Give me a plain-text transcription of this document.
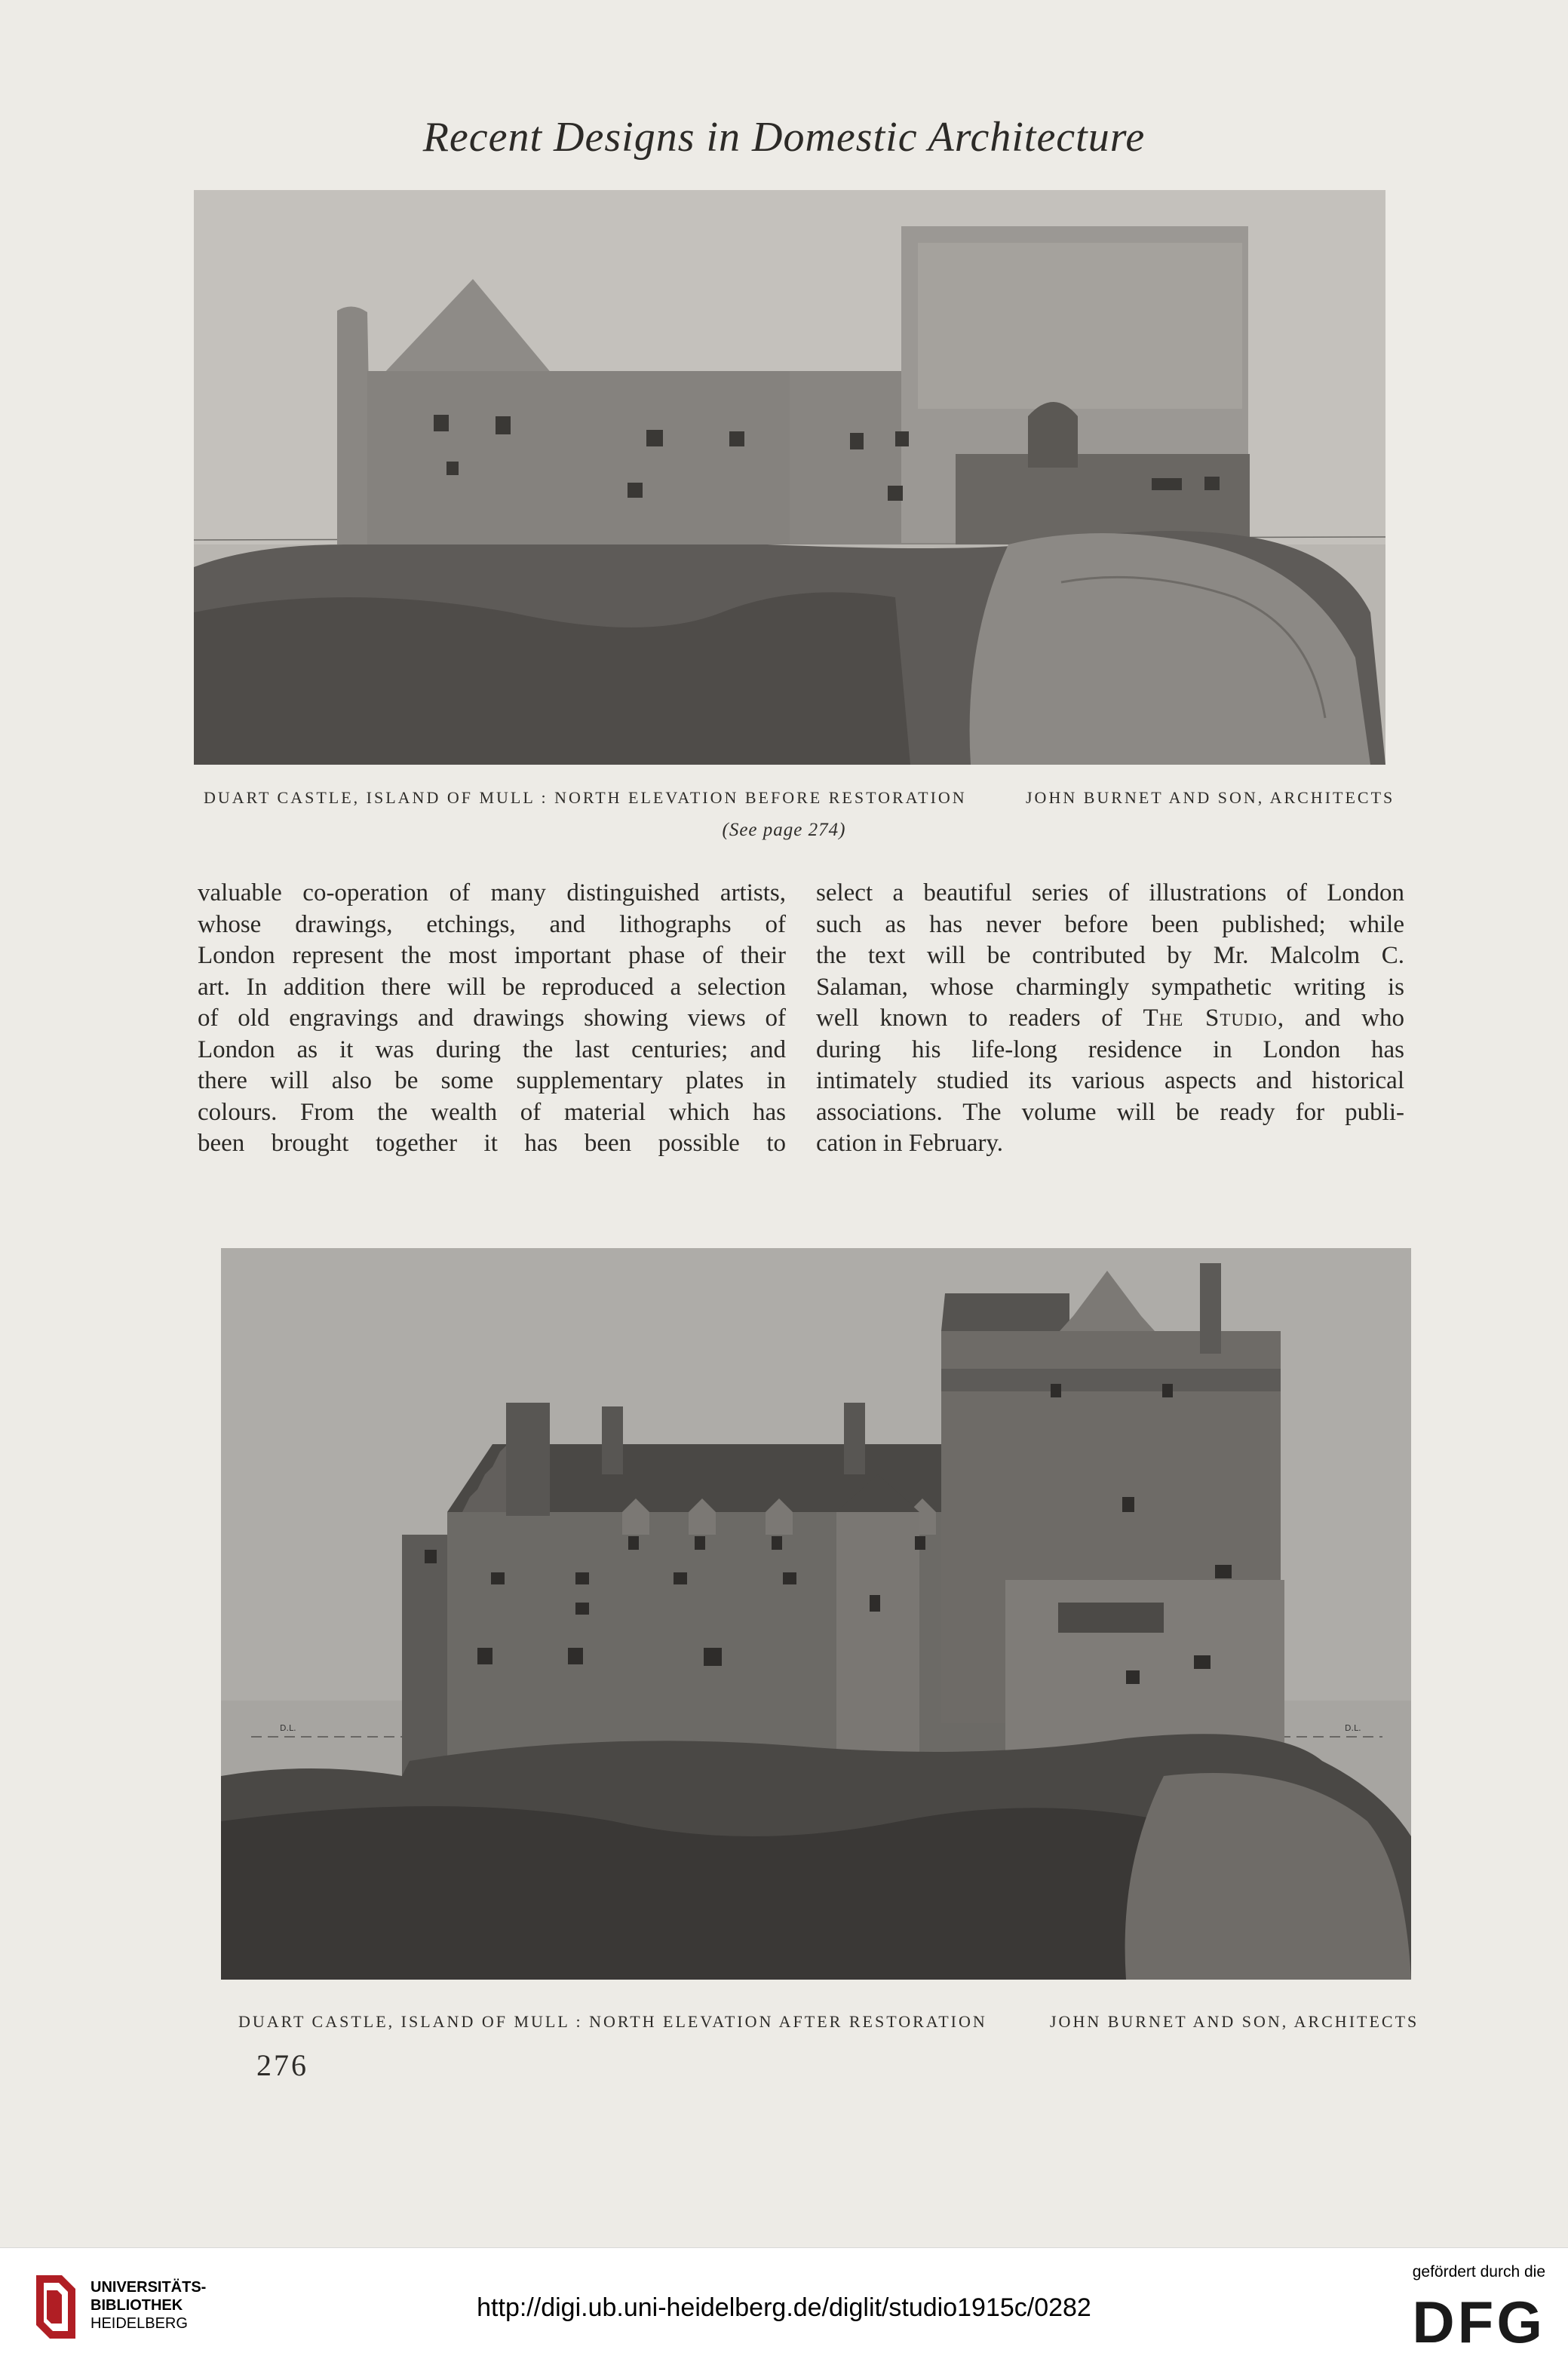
Recent Designs in Domestic Architecture
DUART CASTLE, ISLAND OF MULL : NORTH ELEVATION BEFORE RESTORATION	JOHN BURNET AND SON, ARCHITECTS
(See page 274)
valuable co-operation of many distinguished artists,
whose drawings, etchings, and lithographs of
London represent the most important phase of their
art. In addition there will be reproduced a selection
of old engravings and drawings showing views of
London as it was during the last centuries; and
there will also be some supplementary plates in
colours. From the wealth of material which has
been brought together it has been possible to
select a beautiful series of illustrations of London
such as has never before been published; while
the text will be contributed by Mr. Malcolm C.
Salaman, whose charmingly sympathetic writing is
well known to readers of The Studio, and who
during his life-long residence in London has
intimately studied its various aspects and historical
associations. The volume will be ready for publi-
cation in February.
D.L.	D.L.
DUART CASTLE, ISLAND OF MULL : NORTH ELEVATION AFTER RESTORATION	JOHN BURNET AND SON, ARCHITECTS
276
UNIVERSITÄTS-
BIBLIOTHEK
HEIDELBERG
http://digi.ub.uni-heidelberg.de/diglit/studio1915c/0282
gefördert durch die
DFG
